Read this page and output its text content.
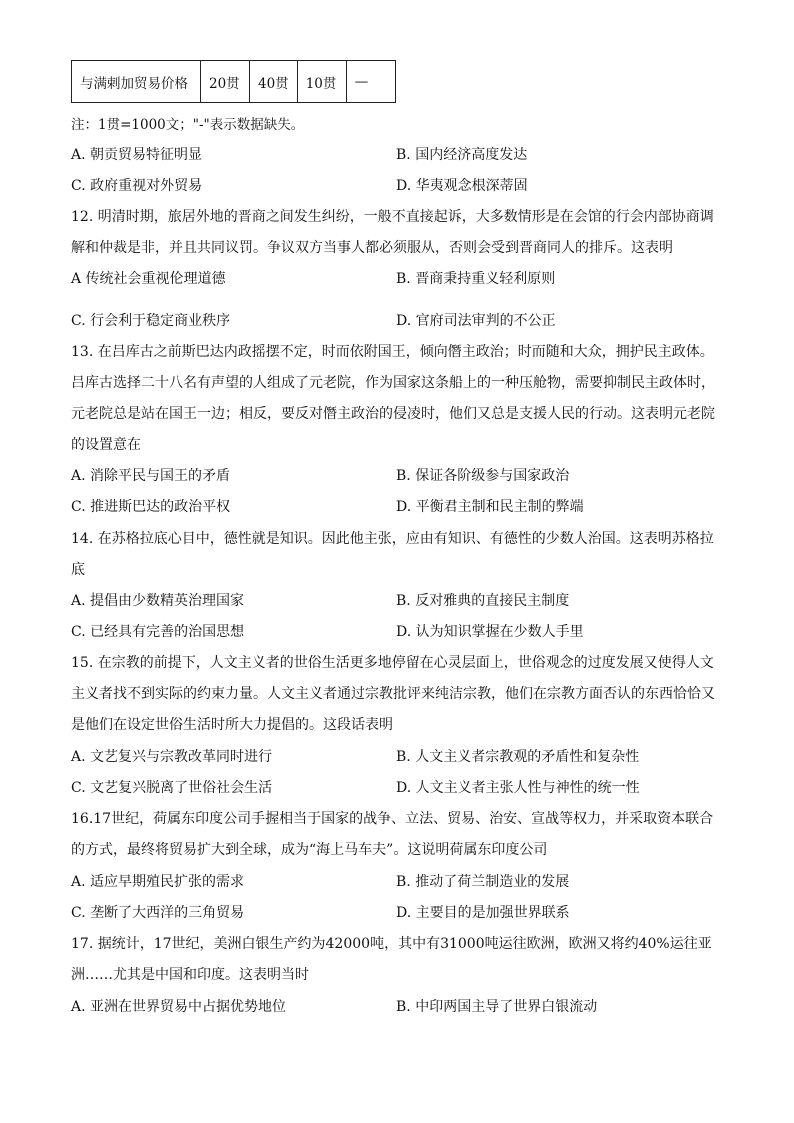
与满剌加贸易价格	20贯	40贯	10贯	—
注：1贯=1000文；"-"表示数据缺失。
A. 朝贡贸易特征明显	B. 国内经济高度发达
C. 政府重视对外贸易	D. 华夷观念根深蒂固
12. 明清时期，旅居外地的晋商之间发生纠纷，一般不直接起诉，大多数情形是在会馆的行会内部协商调
解和仲裁是非，并且共同议罚。争议双方当事人都必须服从，否则会受到晋商同人的排斥。这表明
A 传统社会重视伦理道德	B. 晋商秉持重义轻利原则
C. 行会利于稳定商业秩序	D. 官府司法审判的不公正
13. 在吕库古之前斯巴达内政摇摆不定，时而依附国王，倾向僭主政治；时而随和大众，拥护民主政体。
吕库古选择二十八名有声望的人组成了元老院，作为国家这条船上的一种压舱物，需要抑制民主政体时，
元老院总是站在国王一边；相反，要反对僭主政治的侵凌时，他们又总是支援人民的行动。这表明元老院
的设置意在
A. 消除平民与国王的矛盾	B. 保证各阶级参与国家政治
C. 推进斯巴达的政治平权	D. 平衡君主制和民主制的弊端
14. 在苏格拉底心目中，德性就是知识。因此他主张，应由有知识、有德性的少数人治国。这表明苏格拉
底
A. 提倡由少数精英治理国家	B. 反对雅典的直接民主制度
C. 已经具有完善的治国思想	D. 认为知识掌握在少数人手里
15. 在宗教的前提下，人文主义者的世俗生活更多地停留在心灵层面上，世俗观念的过度发展又使得人文
主义者找不到实际的约束力量。人文主义者通过宗教批评来纯洁宗教，他们在宗教方面否认的东西恰恰又
是他们在设定世俗生活时所大力提倡的。这段话表明
A. 文艺复兴与宗教改革同时进行	B. 人文主义者宗教观的矛盾性和复杂性
C. 文艺复兴脱离了世俗社会生活	D. 人文主义者主张人性与神性的统一性
16.17世纪，荷属东印度公司手握相当于国家的战争、立法、贸易、治安、宣战等权力，并采取资本联合
的方式，最终将贸易扩大到全球，成为“海上马车夫”。这说明荷属东印度公司
A. 适应早期殖民扩张的需求	B. 推动了荷兰制造业的发展
C. 垄断了大西洋的三角贸易	D. 主要目的是加强世界联系
17. 据统计，17世纪，美洲白银生产约为42000吨，其中有31000吨运往欧洲，欧洲又将约40%运往亚
洲……尤其是中国和印度。这表明当时
A. 亚洲在世界贸易中占据优势地位	B. 中印两国主导了世界白银流动
